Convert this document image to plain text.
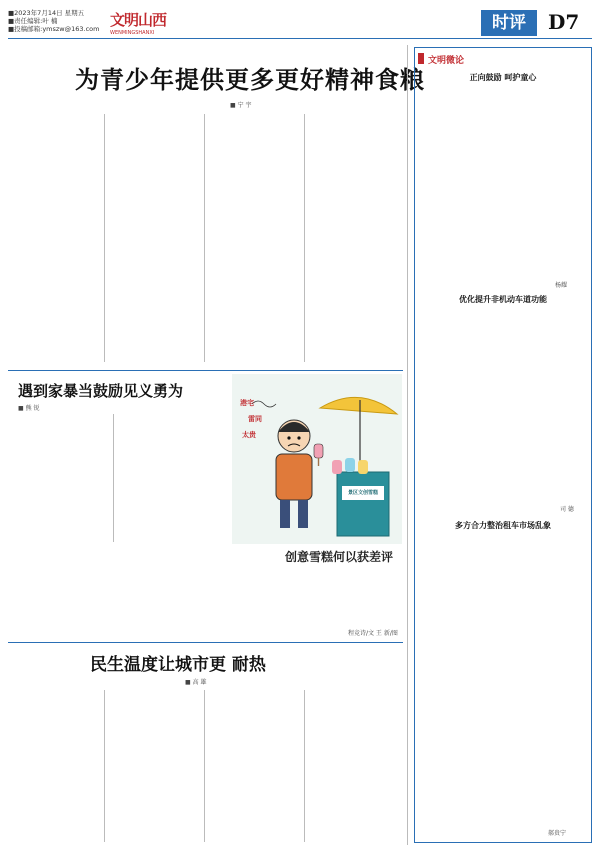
■2023年7月14日 星期五
■责任编辑:叶 楠
■投稿邮箱:ymszw@163.com 文明山西
WENMINGSHANXI	时评	D7
为青少年提供更多更好精神食粮
■ 宁 宇
遇到家暴当鼓励见义勇为
■ 熊 锐
港宅
雷同
太贵
景区文创雪糕
创意雪糕何以获差评
程竞诗/文 王 新/图
民生温度让城市更 耐热
■ 高 雄
文明微论
正向鼓励 呵护童心
杨耀
优化提升非机动车道功能
司 德
多方合力整治租车市场乱象
郝贵宁
